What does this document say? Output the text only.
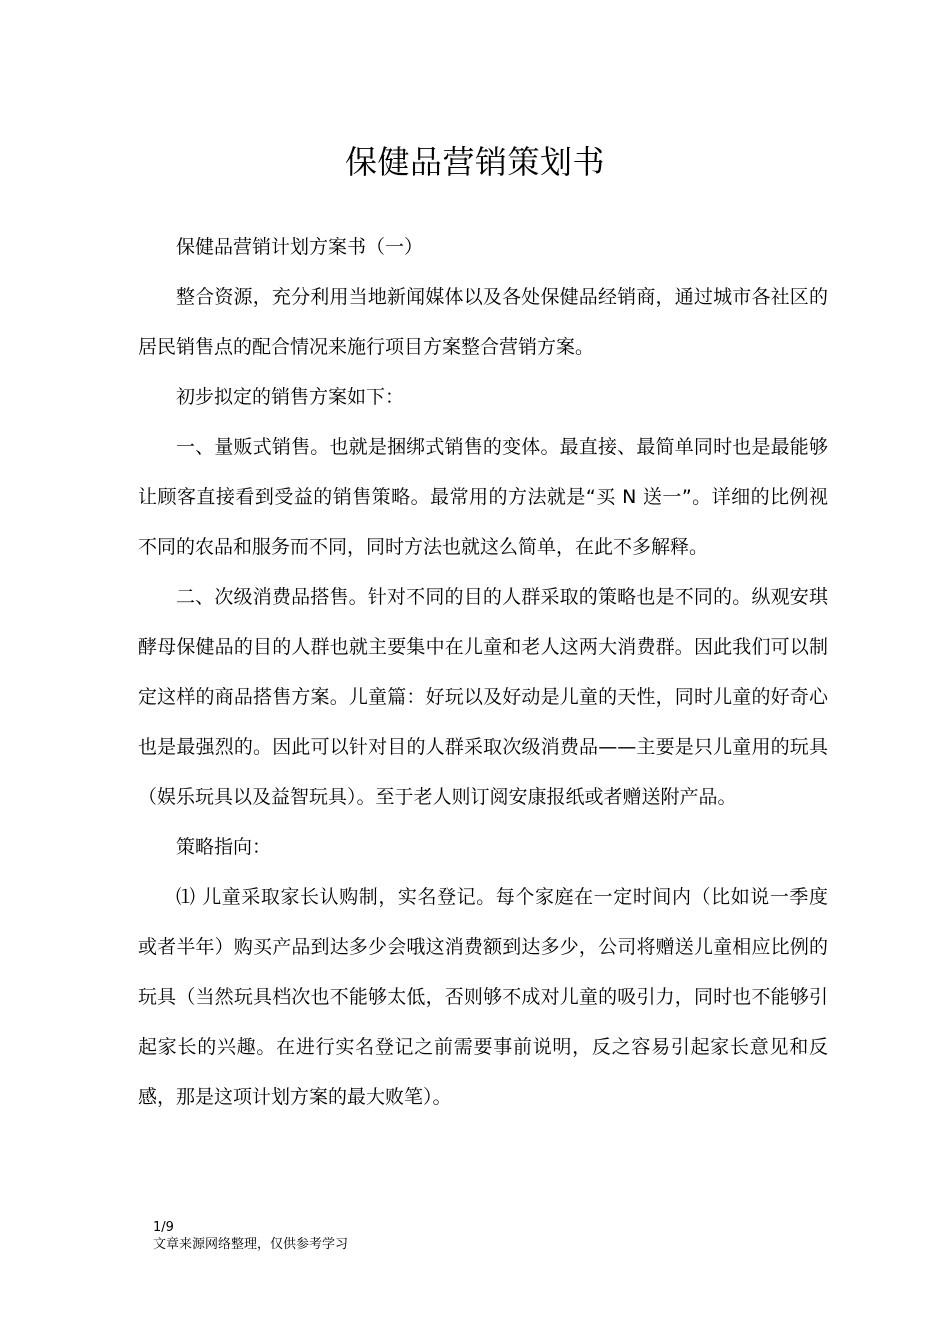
保健品营销策划书

保健品营销计划方案书（一）

整合资源，充分利用当地新闻媒体以及各处保健品经销商，通过城市各社区的居民销售点的配合情况来施行项目方案整合营销方案。

初步拟定的销售方案如下：

一、量贩式销售。也就是捆绑式销售的变体。最直接、最简单同时也是最能够让顾客直接看到受益的销售策略。最常用的方法就是“买 N 送一”。详细的比例视不同的农品和服务而不同，同时方法也就这么简单，在此不多解释。

二、次级消费品搭售。针对不同的目的人群采取的策略也是不同的。纵观安琪酵母保健品的目的人群也就主要集中在儿童和老人这两大消费群。因此我们可以制定这样的商品搭售方案。儿童篇：好玩以及好动是儿童的天性，同时儿童的好奇心也是最强烈的。因此可以针对目的人群采取次级消费品——主要是只儿童用的玩具（娱乐玩具以及益智玩具）。至于老人则订阅安康报纸或者赠送附产品。

策略指向：

⑴ 儿童采取家长认购制，实名登记。每个家庭在一定时间内（比如说一季度或者半年）购买产品到达多少会哦这消费额到达多少，公司将赠送儿童相应比例的玩具（当然玩具档次也不能够太低，否则够不成对儿童的吸引力，同时也不能够引起家长的兴趣。在进行实名登记之前需要事前说明，反之容易引起家长意见和反感，那是这项计划方案的最大败笔）。

1/9
文章来源网络整理，仅供参考学习
